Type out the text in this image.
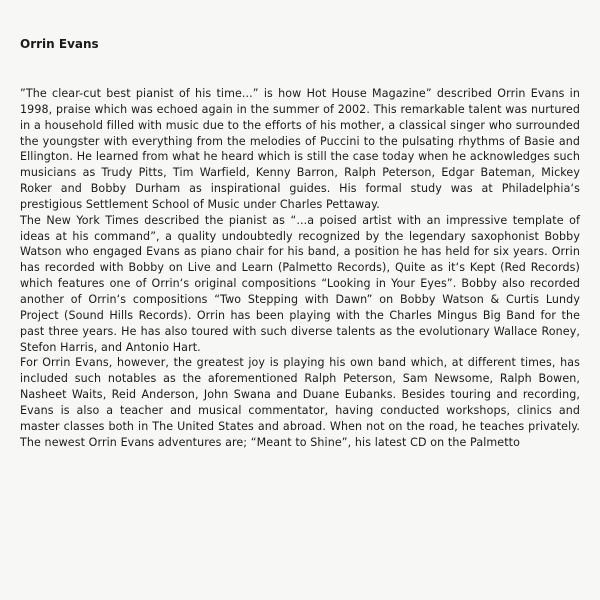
Orrin Evans

”The clear-cut best pianist of his time...” is how Hot House Magazine” described Orrin Evans in 1998, praise which was echoed again in the summer of 2002. This remarkable talent was nurtured in a household filled with music due to the efforts of his mother, a classical singer who surrounded the youngster with everything from the melodies of Puccini to the pulsating rhythms of Basie and Ellington. He learned from what he heard which is still the case today when he acknowledges such musicians as Trudy Pitts, Tim Warfield, Kenny Barron, Ralph Peterson, Edgar Bateman, Mickey Roker and Bobby Durham as inspirational guides. His formal study was at Philadelphia‘s prestigious Settlement School of Music under Charles Pettaway.

The New York Times described the pianist as “...a poised artist with an impressive template of ideas at his command”, a quality undoubtedly recognized by the legendary saxophonist Bobby Watson who engaged Evans as piano chair for his band, a position he has held for six years. Orrin has recorded with Bobby on Live and Learn (Palmetto Records), Quite as it‘s Kept (Red Records) which features one of Orrin‘s original compositions “Looking in Your Eyes”. Bobby also recorded another of Orrin‘s compositions “Two Stepping with Dawn” on Bobby Watson & Curtis Lundy Project (Sound Hills Records). Orrin has been playing with the Charles Mingus Big Band for the past three years. He has also toured with such diverse talents as the evolutionary Wallace Roney, Stefon Harris, and Antonio Hart.

For Orrin Evans, however, the greatest joy is playing his own band which, at different times, has included such notables as the aforementioned Ralph Peterson, Sam Newsome, Ralph Bowen, Nasheet Waits, Reid Anderson, John Swana and Duane Eubanks. Besides touring and recording, Evans is also a teacher and musical commentator, having conducted workshops, clinics and master classes both in The United States and abroad. When not on the road, he teaches privately. The newest Orrin Evans adventures are; “Meant to Shine”, his latest CD on the Palmetto
